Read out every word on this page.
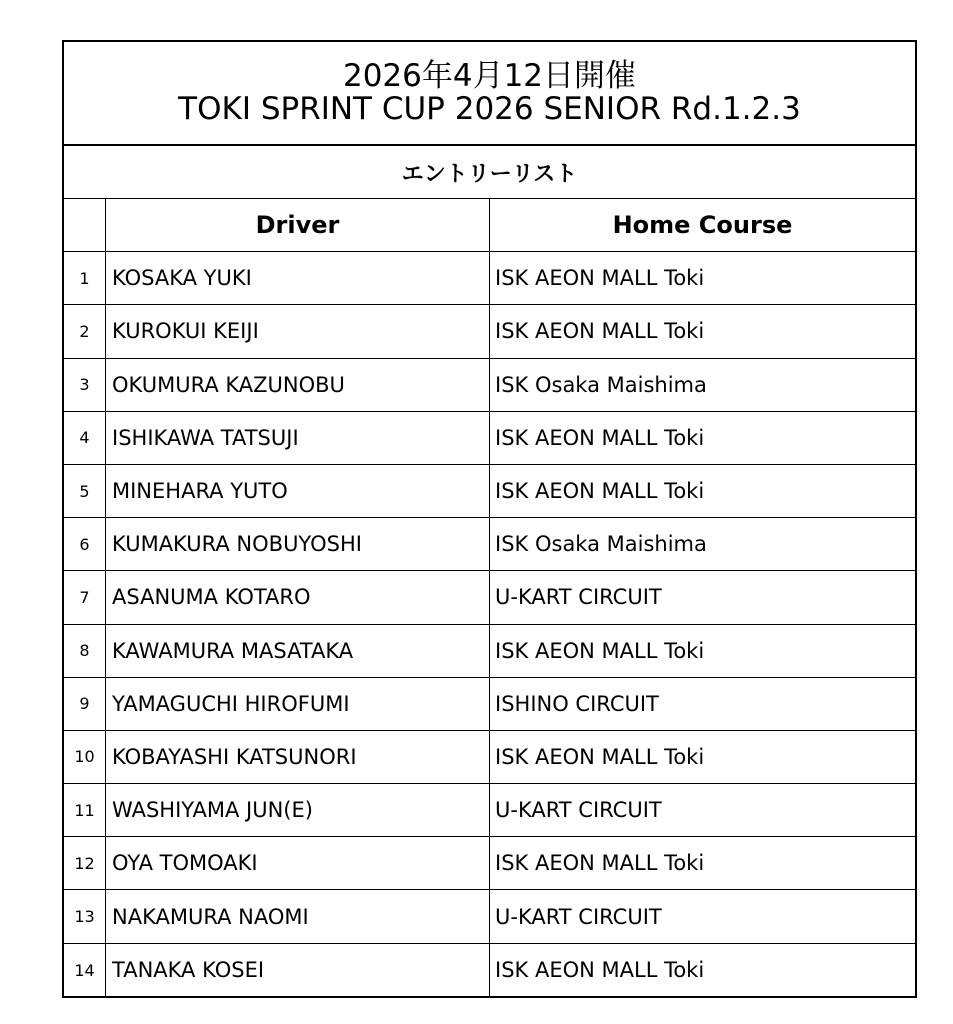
2026年4月12日開催
TOKI SPRINT CUP 2026 SENIOR Rd.1.2.3
エントリーリスト
Driver	Home Course
1	KOSAKA YUKI	ISK AEON MALL Toki
2	KUROKUI KEIJI	ISK AEON MALL Toki
3	OKUMURA KAZUNOBU	ISK Osaka Maishima
4	ISHIKAWA TATSUJI	ISK AEON MALL Toki
5	MINEHARA YUTO	ISK AEON MALL Toki
6	KUMAKURA NOBUYOSHI	ISK Osaka Maishima
7	ASANUMA KOTARO	U-KART CIRCUIT
8	KAWAMURA MASATAKA	ISK AEON MALL Toki
9	YAMAGUCHI HIROFUMI	ISHINO CIRCUIT
10 KOBAYASHI KATSUNORI	ISK AEON MALL Toki
11 WASHIYAMA JUN(E)	U-KART CIRCUIT
12 OYA TOMOAKI	ISK AEON MALL Toki
13 NAKAMURA NAOMI	U-KART CIRCUIT
14 TANAKA KOSEI	ISK AEON MALL Toki
